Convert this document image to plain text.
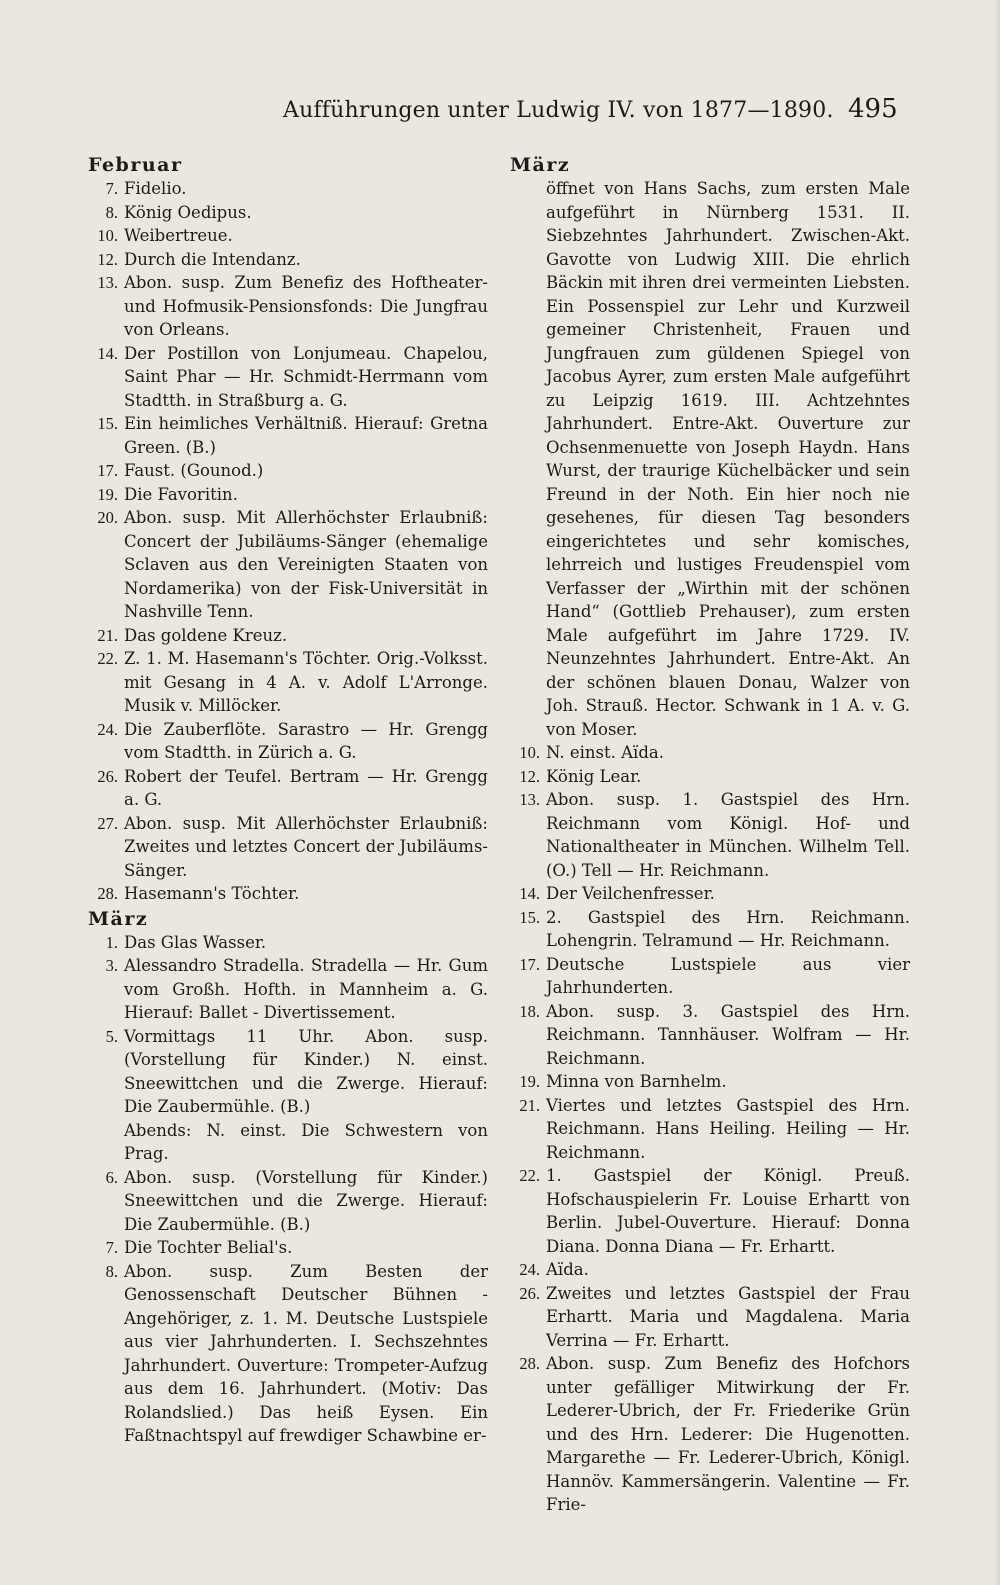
Aufführungen unter Ludwig IV. von 1877—1890. 495
Februar
7. Fidelio.
8. König Oedipus.
10. Weibertreue.
12. Durch die Intendanz.
13. Abon. susp. Zum Benefiz des Hoftheater- und Hofmusik-Pensionsfonds: Die Jungfrau von Orleans.
14. Der Postillon von Lonjumeau. Chapelou, Saint Phar — Hr. Schmidt-Herrmann vom Stadtth. in Straßburg a. G.
15. Ein heimliches Verhältniß. Hierauf: Gretna Green. (B.)
17. Faust. (Gounod.)
19. Die Favoritin.
20. Abon. susp. Mit Allerhöchster Erlaubniß: Concert der Jubiläums-Sänger (ehemalige Sclaven aus den Vereinigten Staaten von Nordamerika) von der Fisk-Universität in Nashville Tenn.
21. Das goldene Kreuz.
22. Z. 1. M. Hasemann's Töchter. Orig.-Volksst. mit Gesang in 4 A. v. Adolf L'Arronge. Musik v. Millöcker.
24. Die Zauberflöte. Sarastro — Hr. Grengg vom Stadtth. in Zürich a. G.
26. Robert der Teufel. Bertram — Hr. Grengg a. G.
27. Abon. susp. Mit Allerhöchster Erlaubniß: Zweites und letztes Concert der Jubiläums-Sänger.
28. Hasemann's Töchter.
März
1. Das Glas Wasser.
3. Alessandro Stradella. Stradella — Hr. Gum vom Großh. Hofth. in Mannheim a. G. Hierauf: Ballet - Divertissement.
5. Vormittags 11 Uhr. Abon. susp. (Vorstellung für Kinder.) N. einst. Sneewittchen und die Zwerge. Hierauf: Die Zaubermühle. (B.)
Abends: N. einst. Die Schwestern von Prag.
6. Abon. susp. (Vorstellung für Kinder.) Sneewittchen und die Zwerge. Hierauf: Die Zaubermühle. (B.)
7. Die Tochter Belial's.
8. Abon. susp. Zum Besten der Genossenschaft Deutscher Bühnen - Angehöriger, z. 1. M. Deutsche Lustspiele aus vier Jahrhunderten. I. Sechszehntes Jahrhundert. Ouverture: Trompeter-Aufzug aus dem 16. Jahrhundert. (Motiv: Das Rolandslied.) Das heiß Eysen. Ein Faßtnachtspyl auf frewdiger Schawbine er-
März
öffnet von Hans Sachs, zum ersten Male aufgeführt in Nürnberg 1531. II. Siebzehntes Jahrhundert. Zwischen-Akt. Gavotte von Ludwig XIII. Die ehrlich Bäckin mit ihren drei vermeinten Liebsten. Ein Possenspiel zur Lehr und Kurzweil gemeiner Christenheit, Frauen und Jungfrauen zum güldenen Spiegel von Jacobus Ayrer, zum ersten Male aufgeführt zu Leipzig 1619. III. Achtzehntes Jahrhundert. Entre-Akt. Ouverture zur Ochsenmenuette von Joseph Haydn. Hans Wurst, der traurige Küchelbäcker und sein Freund in der Noth. Ein hier noch nie gesehenes, für diesen Tag besonders eingerichtetes und sehr komisches, lehrreich und lustiges Freudenspiel vom Verfasser der „Wirthin mit der schönen Hand“ (Gottlieb Prehauser), zum ersten Male aufgeführt im Jahre 1729. IV. Neunzehntes Jahrhundert. Entre-Akt. An der schönen blauen Donau, Walzer von Joh. Strauß. Hector. Schwank in 1 A. v. G. von Moser.
10. N. einst. Aïda.
12. König Lear.
13. Abon. susp. 1. Gastspiel des Hrn. Reichmann vom Königl. Hof- und Nationaltheater in München. Wilhelm Tell. (O.) Tell — Hr. Reichmann.
14. Der Veilchenfresser.
15. 2. Gastspiel des Hrn. Reichmann. Lohengrin. Telramund — Hr. Reichmann.
17. Deutsche Lustspiele aus vier Jahrhunderten.
18. Abon. susp. 3. Gastspiel des Hrn. Reichmann. Tannhäuser. Wolfram — Hr. Reichmann.
19. Minna von Barnhelm.
21. Viertes und letztes Gastspiel des Hrn. Reichmann. Hans Heiling. Heiling — Hr. Reichmann.
22. 1. Gastspiel der Königl. Preuß. Hofschauspielerin Fr. Louise Erhartt von Berlin. Jubel-Ouverture. Hierauf: Donna Diana. Donna Diana — Fr. Erhartt.
24. Aïda.
26. Zweites und letztes Gastspiel der Frau Erhartt. Maria und Magdalena. Maria Verrina — Fr. Erhartt.
28. Abon. susp. Zum Benefiz des Hofchors unter gefälliger Mitwirkung der Fr. Lederer-Ubrich, der Fr. Friederike Grün und des Hrn. Lederer: Die Hugenotten. Margarethe — Fr. Lederer-Ubrich, Königl. Hannöv. Kammersängerin. Valentine — Fr. Frie-
